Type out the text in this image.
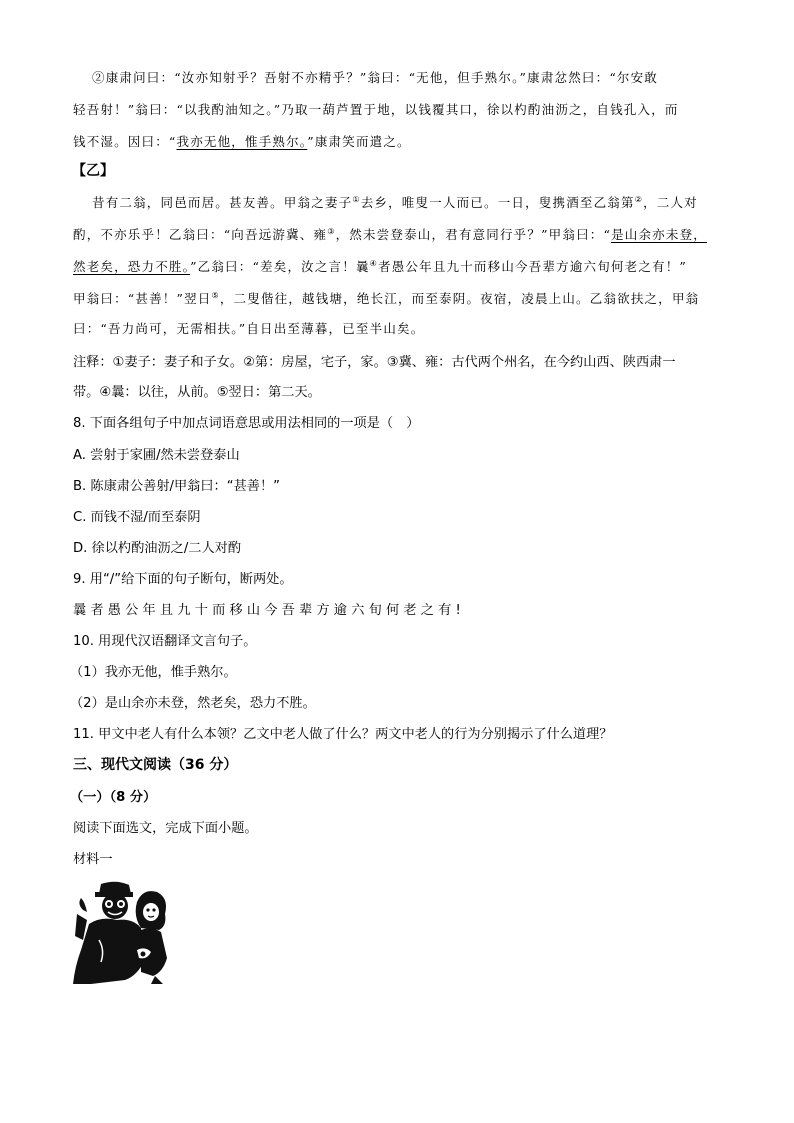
②康肃问曰：“汝亦知射乎？吾射不亦精乎？”翁曰：“无他，但手熟尔。”康肃忿然曰：“尔安敢
轻吾射！”翁曰：“以我酌油知之。”乃取一葫芦置于地，以钱覆其口，徐以杓酌油沥之，自钱孔入，而
钱不湿。因曰：“我亦无他，惟手熟尔。”康肃笑而遣之。
【乙】
昔有二翁，同邑而居。甚友善。甲翁之妻子①去乡，唯叟一人而已。一日，叟携酒至乙翁第②，二人对
酌，不亦乐乎！乙翁曰：“向吾远游冀、雍③，然未尝登泰山，君有意同行乎？”甲翁曰：“是山余亦未登，
然老矣，恐力不胜。”乙翁曰：“差矣，汝之言！曩④者愚公年且九十而移山今吾辈方逾六旬何老之有！”
甲翁曰：“甚善！”翌日⑤，二叟偕往，越钱塘，绝长江，而至泰阴。夜宿，凌晨上山。乙翁欲扶之，甲翁
曰：“吾力尚可，无需相扶。”自日出至薄暮，已至半山矣。
注释：①妻子：妻子和子女。②第：房屋，宅子，家。③冀、雍：古代两个州名，在今约山西、陕西肃一
带。④曩：以往，从前。⑤翌日：第二天。
8. 下面各组句子中加点词语意思或用法相同的一项是（　）
A. 尝射于家圃/然未尝登泰山
B. 陈康肃公善射/甲翁曰：“甚善！”
C. 而钱不湿/而至泰阴
D. 徐以杓酌油沥之/二人对酌
9. 用“/”给下面的句子断句，断两处。
曩者愚公年且九十而移山今吾辈方逾六旬何老之有!
10. 用现代汉语翻译文言句子。
（1）我亦无他，惟手熟尔。
（2）是山余亦未登，然老矣，恐力不胜。
11. 甲文中老人有什么本领？乙文中老人做了什么？两文中老人的行为分别揭示了什么道理？
三、现代文阅读（36 分）
（一）（8 分）
阅读下面选文，完成下面小题。
材料一
